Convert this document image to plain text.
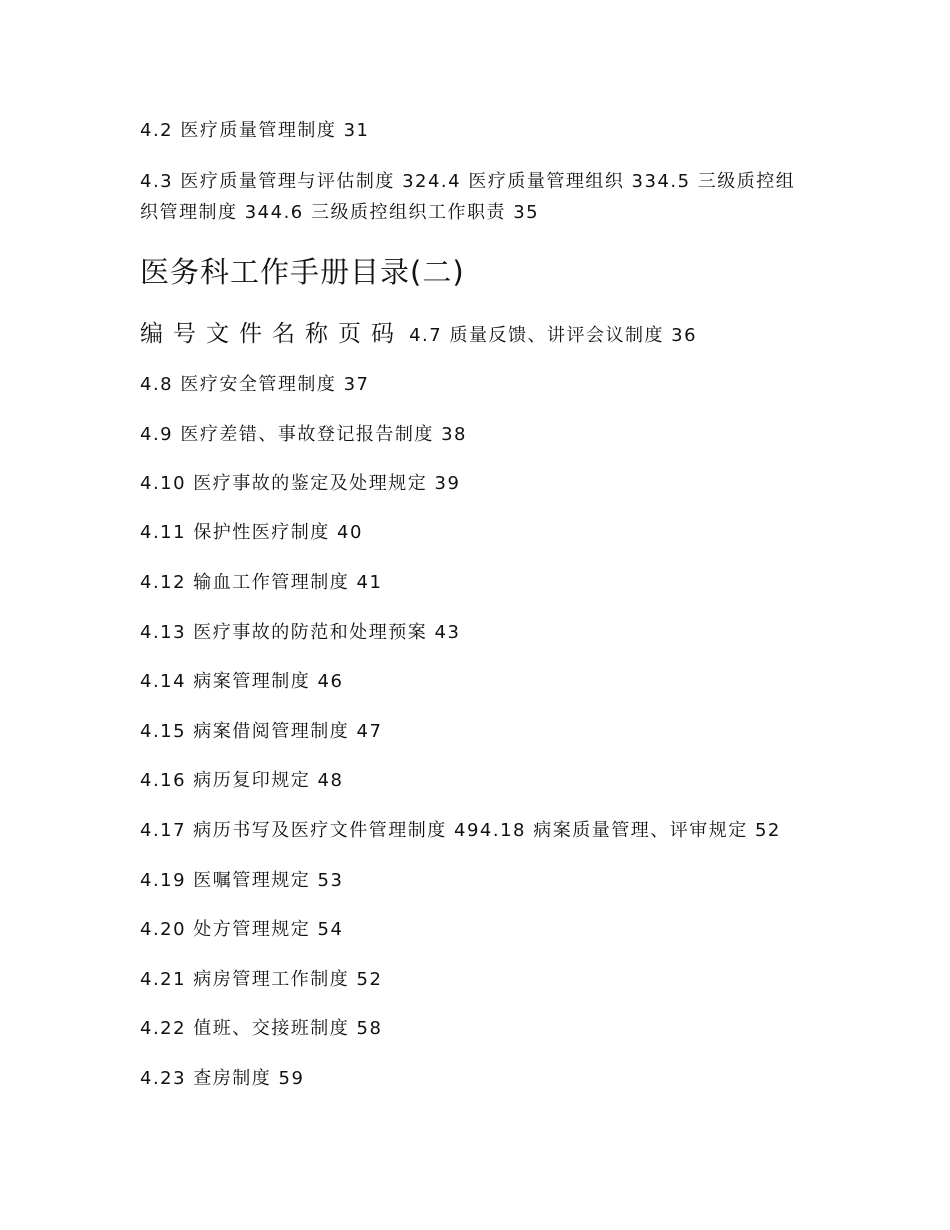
4.2 医疗质量管理制度 31
4.3 医疗质量管理与评估制度 324.4 医疗质量管理组织 334.5 三级质控组织管理制度 344.6 三级质控组织工作职责 35
医务科工作手册目录(二)
编号文件名称页码 4.7 质量反馈、讲评会议制度 36
4.8 医疗安全管理制度 37
4.9 医疗差错、事故登记报告制度 38
4.10 医疗事故的鉴定及处理规定 39
4.11 保护性医疗制度 40
4.12 输血工作管理制度 41
4.13 医疗事故的防范和处理预案 43
4.14 病案管理制度 46
4.15 病案借阅管理制度 47
4.16 病历复印规定 48
4.17 病历书写及医疗文件管理制度 494.18 病案质量管理、评审规定 52
4.19 医嘱管理规定 53
4.20 处方管理规定 54
4.21 病房管理工作制度 52
4.22 值班、交接班制度 58
4.23 查房制度 59
